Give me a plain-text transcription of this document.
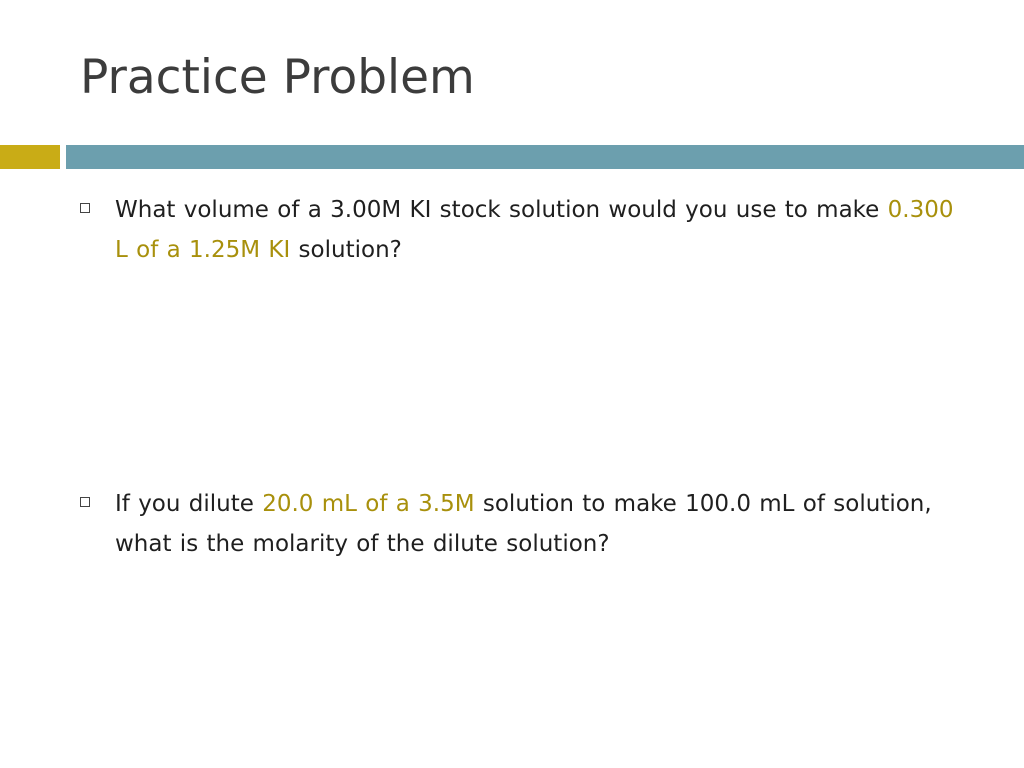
Practice Problem

What volume of a 3.00M KI stock solution would you use to make 0.300 L of a 1.25M KI solution?

If you dilute 20.0 mL of a 3.5M solution to make 100.0 mL of solution, what is the molarity of the dilute solution?
